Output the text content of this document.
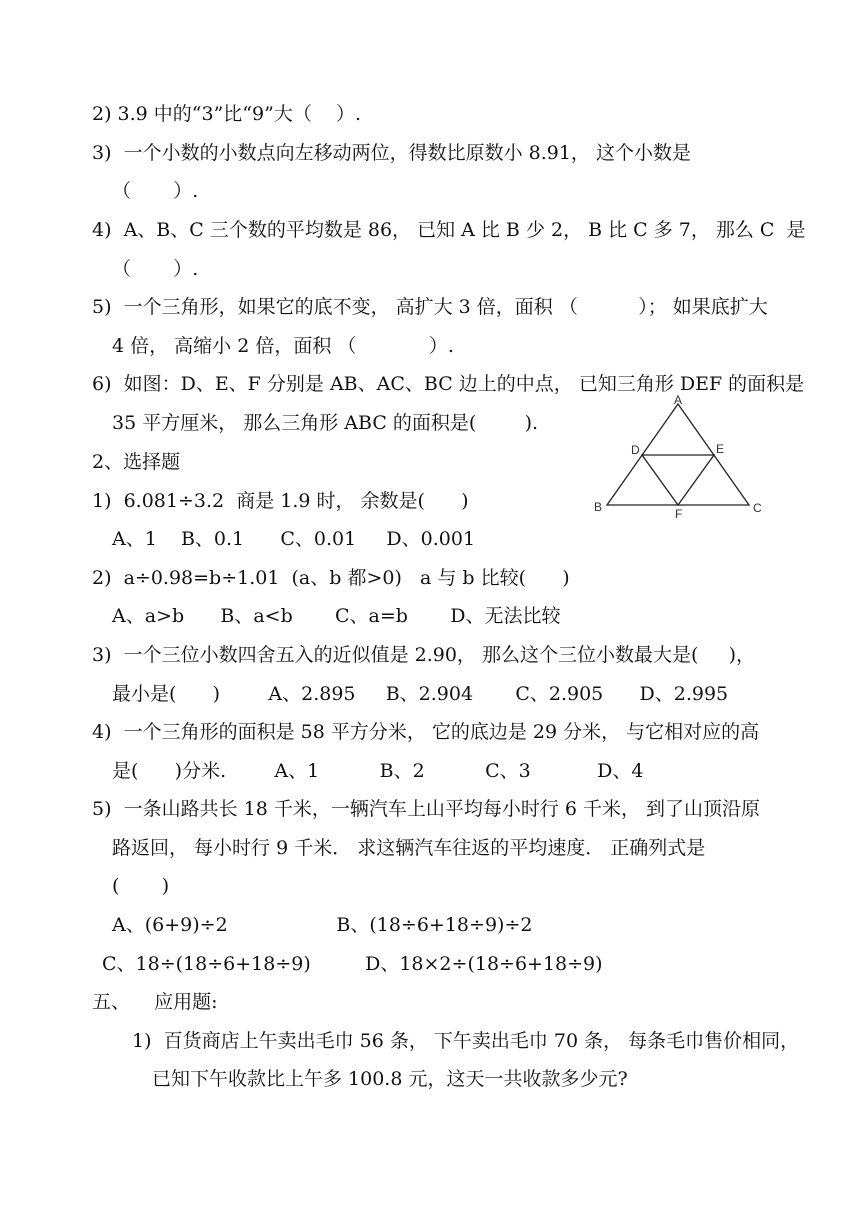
2) 3.9 中的“3”比“9”大（    ）.
3)  一个小数的小数点向左移动两位，得数比原数小 8.91， 这个小数是
（       ）.
4)  A、B、C 三个数的平均数是 86， 已知 A 比 B 少 2， B 比 C 多 7， 那么 C  是
（       ）.
5)  一个三角形，如果它的底不变， 高扩大 3 倍，面积 （          ）； 如果底扩大
4 倍， 高缩小 2 倍，面积 （            ）.
6)  如图：D、E、F 分别是 AB、AC、BC 边上的中点， 已知三角形 DEF 的面积是
35 平方厘米， 那么三角形 ABC 的面积是(        ).
2、选择题
1)  6.081÷3.2  商是 1.9 时， 余数是(      )
A、1    B、0.1      C、0.01     D、0.001
2)  a÷0.98=b÷1.01  (a、b 都>0)   a 与 b 比较(      )
A、a>b      B、a<b       C、a=b       D、无法比较
3)  一个三位小数四舍五入的近似值是 2.90， 那么这个三位小数最大是(     )，
最小是(      )        A、2.895     B、2.904       C、2.905      D、2.995
4)  一个三角形的面积是 58 平方分米， 它的底边是 29 分米， 与它相对应的高
是(      )分米.        A、1          B、2          C、3           D、4
5)  一条山路共长 18 千米，一辆汽车上山平均每小时行 6 千米， 到了山顶沿原
路返回， 每小时行 9 千米． 求这辆汽车往返的平均速度． 正确列式是
(       )
A、(6+9)÷2                  B、(18÷6+18÷9)÷2
C、18÷(18÷6+18÷9)         D、18×2÷(18÷6+18÷9)
五、    应用题:
1)  百货商店上午卖出毛巾 56 条， 下午卖出毛巾 70 条， 每条毛巾售价相同，
已知下午收款比上午多 100.8 元，这天一共收款多少元?
A
D	E
B	F	C
